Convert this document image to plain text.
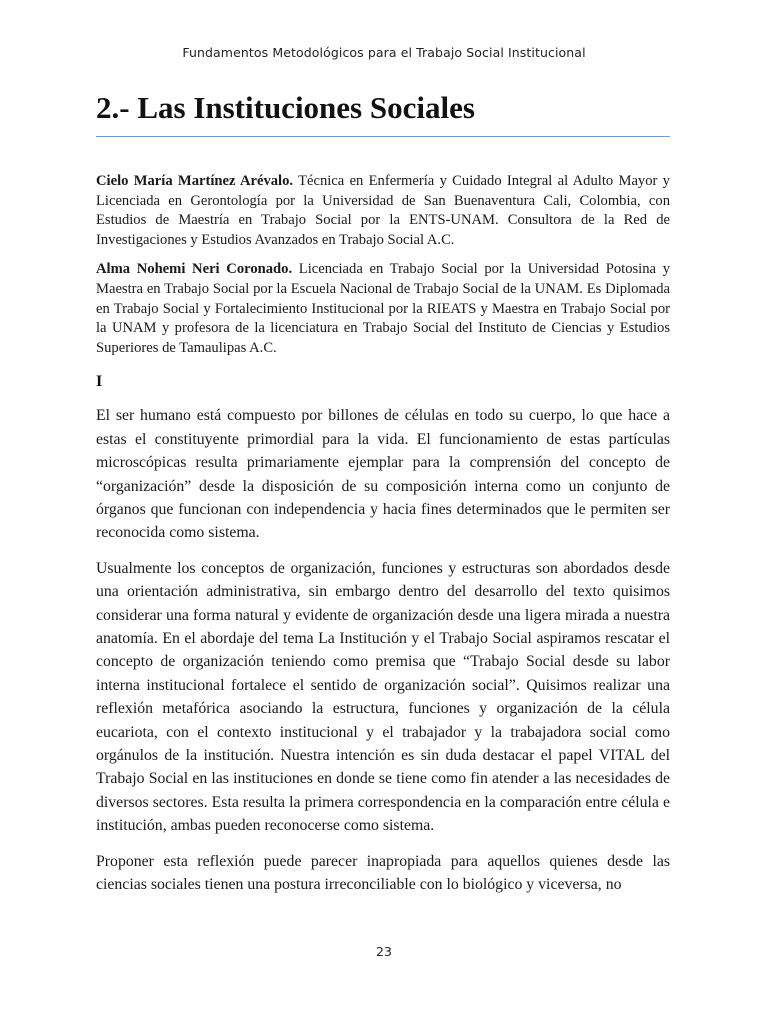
Fundamentos Metodológicos para el Trabajo Social Institucional
2.- Las Instituciones Sociales

Cielo María Martínez Arévalo. Técnica en Enfermería y Cuidado Integral al Adulto Mayor y Licenciada en Gerontología por la Universidad de San Buenaventura Cali, Colombia, con Estudios de Maestría en Trabajo Social por la ENTS-UNAM. Consultora de la Red de Investigaciones y Estudios Avanzados en Trabajo Social A.C.

Alma Nohemi Neri Coronado. Licenciada en Trabajo Social por la Universidad Potosina y Maestra en Trabajo Social por la Escuela Nacional de Trabajo Social de la UNAM. Es Diplomada en Trabajo Social y Fortalecimiento Institucional por la RIEATS y Maestra en Trabajo Social por la UNAM y profesora de la licenciatura en Trabajo Social del Instituto de Ciencias y Estudios Superiores de Tamaulipas A.C.

I

El ser humano está compuesto por billones de células en todo su cuerpo, lo que hace a estas el constituyente primordial para la vida. El funcionamiento de estas partículas microscópicas resulta primariamente ejemplar para la comprensión del concepto de “organización” desde la disposición de su composición interna como un conjunto de órganos que funcionan con independencia y hacia fines determinados que le permiten ser reconocida como sistema.

Usualmente los conceptos de organización, funciones y estructuras son abordados desde una orientación administrativa, sin embargo dentro del desarrollo del texto quisimos considerar una forma natural y evidente de organización desde una ligera mirada a nuestra anatomía. En el abordaje del tema La Institución y el Trabajo Social aspiramos rescatar el concepto de organización teniendo como premisa que “Trabajo Social desde su labor interna institucional fortalece el sentido de organización social”. Quisimos realizar una reflexión metafórica asociando la estructura, funciones y organización de la célula eucariota, con el contexto institucional y el trabajador y la trabajadora social como orgánulos de la institución. Nuestra intención es sin duda destacar el papel VITAL del Trabajo Social en las instituciones en donde se tiene como fin atender a las necesidades de diversos sectores. Esta resulta la primera correspondencia en la comparación entre célula e institución, ambas pueden reconocerse como sistema.

Proponer esta reflexión puede parecer inapropiada para aquellos quienes desde las ciencias sociales tienen una postura irreconciliable con lo biológico y viceversa, no

23
